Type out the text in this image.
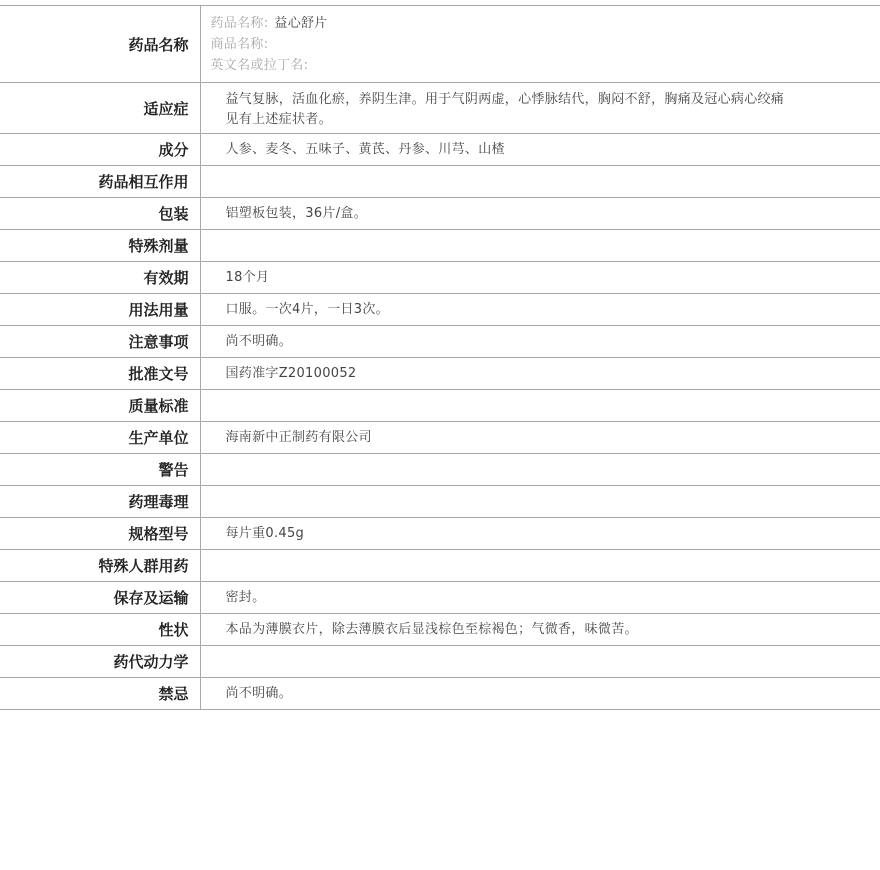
药品名称	药品名称: 益心舒片
商品名称:
英文名或拉丁名:

适应症	益气复脉，活血化瘀，养阴生津。用于气阴两虚，心悸脉结代，胸闷不舒，胸痛及冠心病心绞痛见有上述症状者。
成分	人参、麦冬、五味子、黄芪、丹参、川芎、山楂
药品相互作用	
包装	铝塑板包装，36片/盒。
特殊剂量	
有效期	18个月
用法用量	口服。一次4片，一日3次。
注意事项	尚不明确。
批准文号	国药准字Z20100052
质量标准	
生产单位	海南新中正制药有限公司
警告	
药理毒理	
规格型号	每片重0.45g
特殊人群用药	
保存及运输	密封。
性状	本品为薄膜衣片，除去薄膜衣后显浅棕色至棕褐色；气微香，味微苦。
药代动力学	
禁忌	尚不明确。
